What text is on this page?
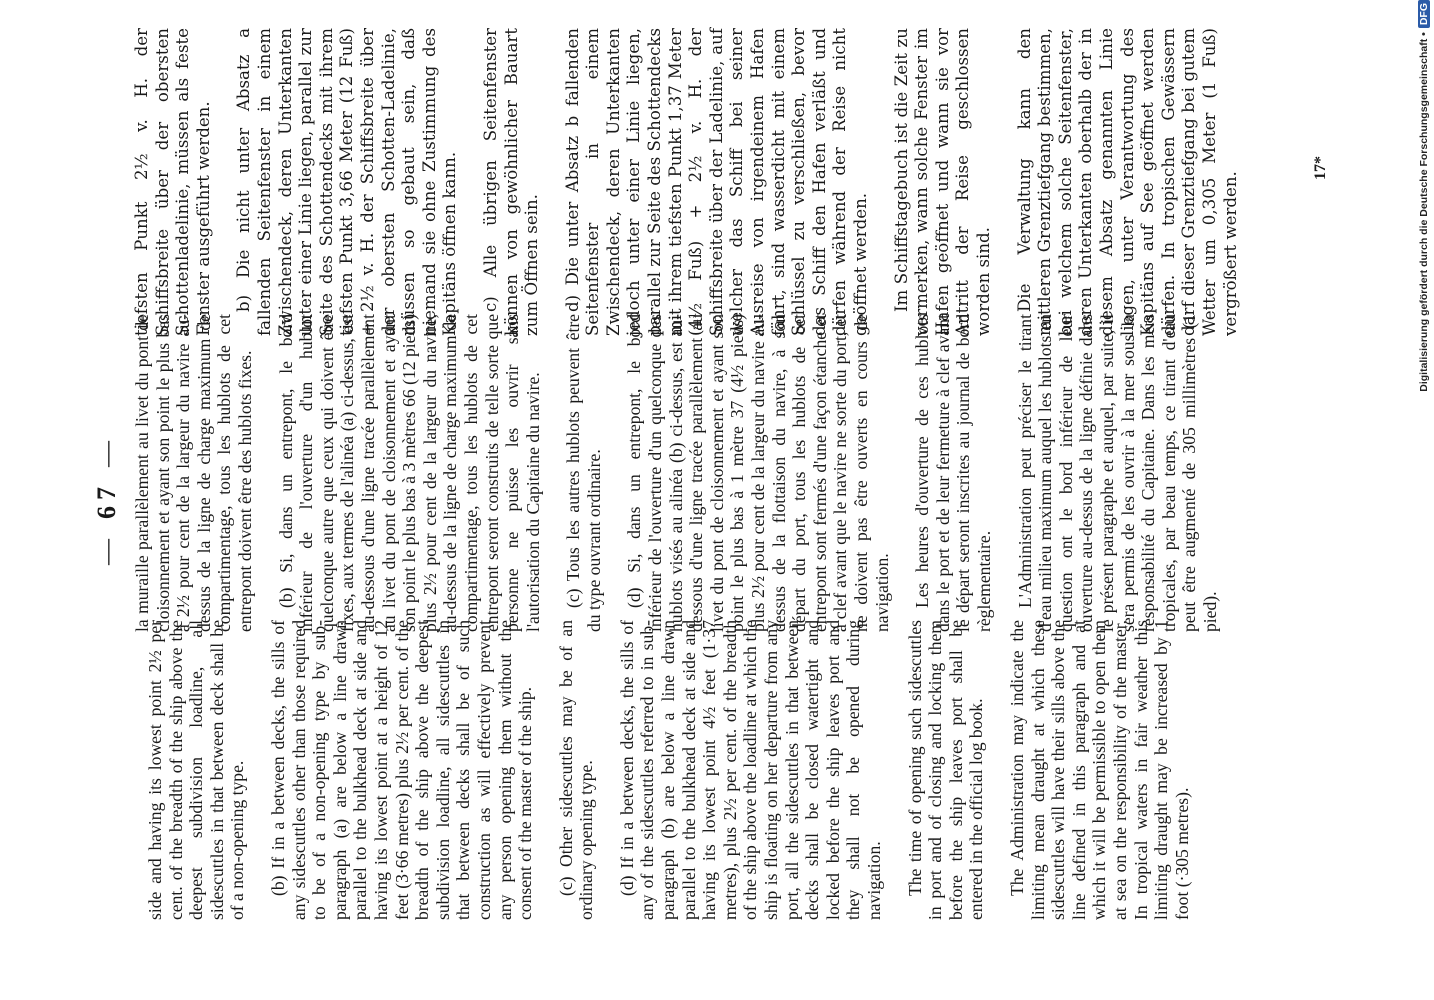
—67—

side and having its lowest point 2½ per cent. of the breadth of the ship above the deepest subdivision loadline, all sidescuttles in that between deck shall be of a non-opening type. (b) If in a between decks, the sills of any sidescuttles other than those required to be of a non-opening type by sub-paragraph (a) are below a line drawn parallel to the bulkhead deck at side and having its lowest point at a height of 12 feet (3·66 metres) plus 2½ per cent. of the breadth of the ship above the deepest subdivision loadline, all sidescuttles in that between decks shall be of such construction as will effectively prevent any person opening them without the consent of the master of the ship. (c) Other sidescuttles may be of an ordinary opening type. (d) If in a between decks, the sills of any of the sidescuttles referred to in sub-paragraph (b) are below a line drawn parallel to the bulkhead deck at side and having its lowest point 4½ feet (1·37 metres), plus 2½ per cent. of the breadth of the ship above the loadline at which the ship is floating on her departure from any port, all the sidescuttles in that between decks shall be closed watertight and locked before the ship leaves port and they shall not be opened during navigation. The time of opening such sidescuttles in port and of closing and locking them before the ship leaves port shall be entered in the official log book. The Administration may indicate the limiting mean draught at which these sidescuttles will have their sills above the line defined in this paragraph and at which it will be permissible to open them at sea on the responsibility of the master. In tropical waters in fair weather this limiting draught may be increased by 1 foot (·305 metres).

la muraille parallèlement au livet du pont de cloisonnement et ayant son point le plus bas à 2½ pour cent de la largeur du navire au-dessus de la ligne de charge maximum de compartimentage, tous les hublots de cet entrepont doivent être des hublots fixes. (b) Si, dans un entrepont, le bord inférieur de l'ouverture d'un hublot quelconque autre que ceux qui doivent être fixes, aux termes de l'alinéa (a) ci-dessus, est au-dessous d'une ligne tracée parallèlement au livet du pont de cloisonnement et ayant son point le plus bas à 3 mètres 66 (12 pieds) plus 2½ pour cent de la largeur du navire, au-dessus de la ligne de charge maximum de compartimentage, tous les hublots de cet entrepont seront construits de telle sorte que personne ne puisse les ouvrir sans l'autorisation du Capitaine du navire. (c) Tous les autres hublots peuvent être du type ouvrant ordinaire. (d) Si, dans un entrepont, le bord inférieur de l'ouverture d'un quelconque des hublots visés au alinéa (b) ci-dessus, est au-dessous d'une ligne tracée parallèlement au livet du pont de cloisonnement et ayant son point le plus bas à 1 mètre 37 (4½ pieds) plus 2½ pour cent de la largeur du navire au-dessus de la flottaison du navire, à son départ du port, tous les hublots de cet entrepont sont fermés d'une façon étanche et à clef avant que le navire ne sorte du port, et ne doivent pas être ouverts en cours de navigation. Les heures d'ouverture de ces hublots dans le port et de leur fermeture à clef avant le départ seront inscrites au journal de bord règlementaire. L'Administration peut préciser le tirant d'eau milieu maximum auquel les hublots en question ont le bord inférieur de leur ouverture au-dessus de la ligne définie dans le présent paragraphe et auquel, par suite, il sera permis de les ouvrir à la mer sous la responsabilité du Capitaine. Dans les mers tropicales, par beau temps, ce tirant d'eau peut être augmenté de 305 millimètres (1 pied).

tiefsten Punkt 2½ v. H. der Schiffsbreite über der obersten Schottenladelinie, müssen als feste Fenster ausgeführt werden. b) Die nicht unter Absatz a fallenden Seitenfenster in einem Zwischendeck, deren Unterkanten unter einer Linie liegen, parallel zur Seite des Schottendecks mit ihrem tiefsten Punkt 3,66 Meter (12 Fuß) + 2½ v. H. der Schiffsbreite über der obersten Schotten-Ladelinie, müssen so gebaut sein, daß niemand sie ohne Zustimmung des Kapitäns öffnen kann. c) Alle übrigen Seitenfenster können von gewöhnlicher Bauart zum Öffnen sein. d) Die unter Absatz b fallenden Seitenfenster in einem Zwischendeck, deren Unterkanten jedoch unter einer Linie liegen, parallel zur Seite des Schottendecks mit ihrem tiefsten Punkt 1,37 Meter (4½ Fuß) + 2½ v. H. der Schiffsbreite über der Ladelinie, auf welcher das Schiff bei seiner Ausreise von irgendeinem Hafen fährt, sind wasserdicht mit einem Schlüssel zu verschließen, bevor das Schiff den Hafen verläßt und dürfen während der Reise nicht geöffnet werden. Im Schiffstagebuch ist die Zeit zu vermerken, wann solche Fenster im Hafen geöffnet und wann sie vor Antritt der Reise geschlossen worden sind. Die Verwaltung kann den mittleren Grenztiefgang bestimmen, bei welchem solche Seitenfenster, deren Unterkanten oberhalb der in diesem Absatz genannten Linie liegen, unter Verantwortung des Kapitäns auf See geöffnet werden dürfen. In tropischen Gewässern darf dieser Grenztiefgang bei gutem Wetter um 0,305 Meter (1 Fuß) vergrößert werden.

17*	Digitalisierung gefördert durch die Deutsche Forschungsgemeinschaft •DFG
